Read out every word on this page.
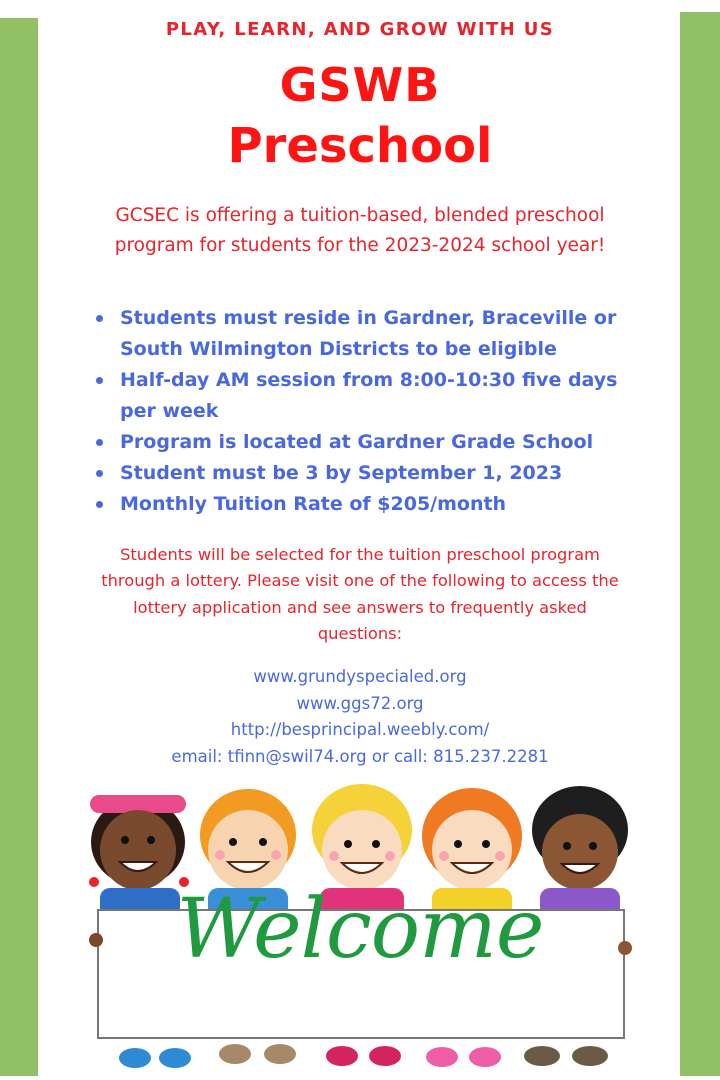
PLAY, LEARN, AND GROW WITH US
GSWB
Preschool
GCSEC is offering a tuition-based, blended preschool program for students for the 2023-2024 school year!
Students must reside in Gardner, Braceville or South Wilmington Districts to be eligible
Half-day AM session from 8:00-10:30 five days per week
Program is located at Gardner Grade School
Student must be 3 by September 1, 2023
Monthly Tuition Rate of $205/month
Students will be selected for the tuition preschool program through a lottery. Please visit one of the following to access the lottery application and see answers to frequently asked questions:
www.grundyspecialed.org
www.ggs72.org
http://besprincipal.weebly.com/
email: tfinn@swil74.org or call: 815.237.2281
Welcome
